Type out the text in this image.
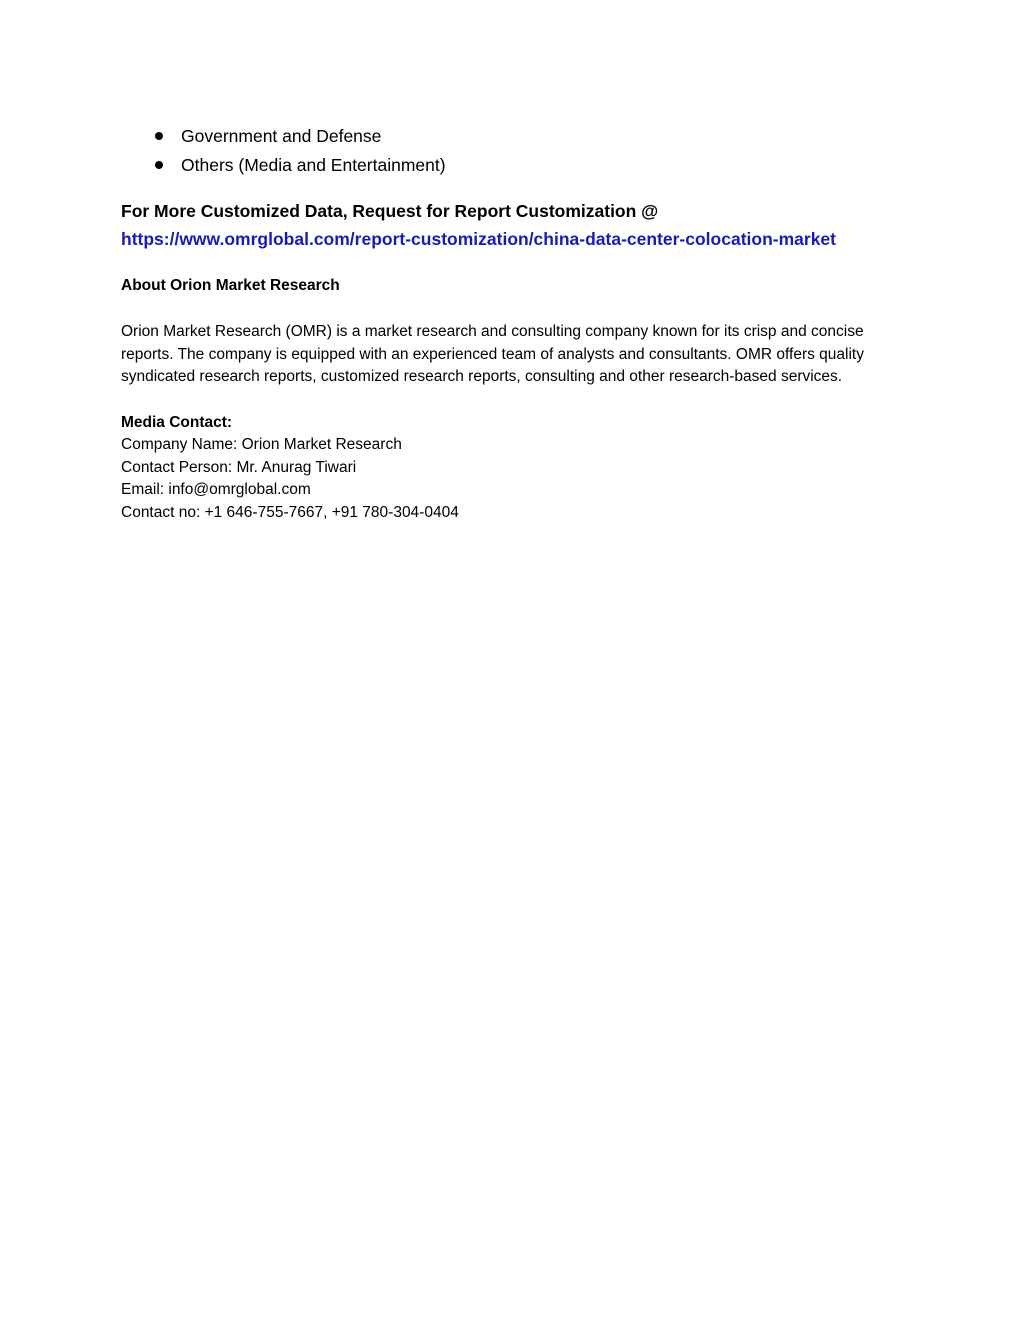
Government and Defense
Others (Media and Entertainment)
For More Customized Data, Request for Report Customization @
https://www.omrglobal.com/report-customization/china-data-center-colocation-market
About Orion Market Research
Orion Market Research (OMR) is a market research and consulting company known for its crisp and concise reports. The company is equipped with an experienced team of analysts and consultants. OMR offers quality syndicated research reports, customized research reports, consulting and other research-based services.
Media Contact:
Company Name: Orion Market Research
Contact Person: Mr. Anurag Tiwari
Email: info@omrglobal.com
Contact no: +1 646-755-7667, +91 780-304-0404
